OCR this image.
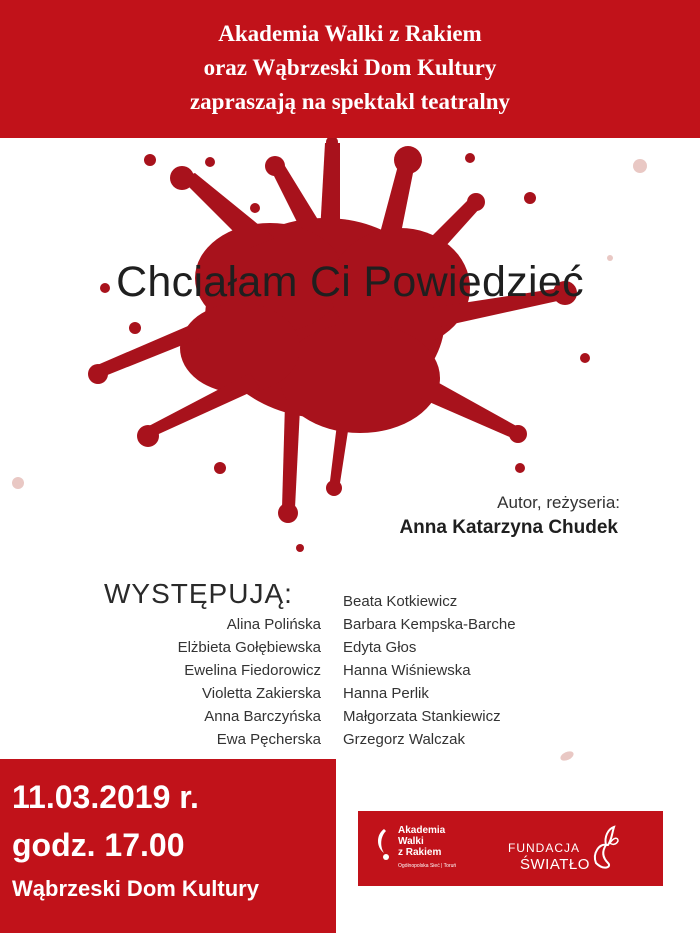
Akademia Walki z Rakiem
oraz Wąbrzeski Dom Kultury
zapraszają na spektakl teatralny
Chciałam Ci Powiedzieć
Autor, reżyseria:
Anna Katarzyna Chudek
WYSTĘPUJĄ:
Alina Polińska
Elżbieta Gołębiewska
Ewelina Fiedorowicz
Violetta Zakierska
Anna Barczyńska
Ewa Pęcherska
Beata Kotkiewicz
Barbara Kempska-Barche
Edyta Głos
Hanna Wiśniewska
Hanna Perlik
Małgorzata Stankiewicz
Grzegorz Walczak
11.03.2019 r.
godz. 17.00
Wąbrzeski Dom Kultury
Akademia
Walki
z Rakiem
Ogólnopolska Sieć | Toruń
FUNDACJA
ŚWIATŁO
